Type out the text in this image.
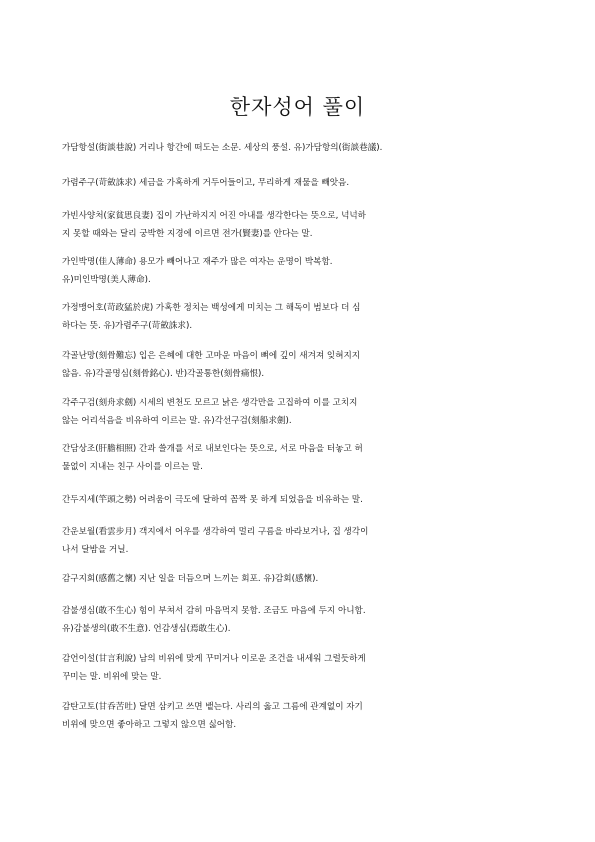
한자성어 풀이

가담항설(街談巷說) 거리나 항간에 떠도는 소문. 세상의 풍설. 유)가담항의(街談巷議).

가렴주구(苛斂誅求) 세금을 가혹하게 거두어들이고, 무리하게 재물을 빼앗음.

가빈사양처(家貧思良妻) 집이 가난하지지 어진 아내를 생각한다는 뜻으로, 넉넉하
지 못할 때와는 달리 궁박한 지경에 이르면 전가(賢妻)를 안다는 말.

가인박명(佳人薄命) 용모가 빼어나고 재주가 많은 여자는 운명이 박복함.
유)미인박명(美人薄命).

가정맹어호(苛政猛於虎) 가혹한 정치는 백성에게 미치는 그 해독이 범보다 더 심
하다는 뜻. 유)가렴주구(苛斂誅求).

각골난망(刻骨難忘) 입은 은혜에 대한 고마운 마음이 뼈에 깊이 새겨져 잊혀지지
않음. 유)각골명심(刻骨銘心). 반)각골통한(刻骨痛恨).

각주구검(刻舟求劍) 시세의 변천도 모르고 낡은 생각만을 고집하여 이를 고치지
않는 어리석음을 비유하여 이르는 말. 유)각선구검(刻船求劍).

간담상조(肝膽相照) 간과 쓸개를 서로 내보인다는 뜻으로, 서로 마음을 터놓고 허
물없이 지내는 친구 사이를 이르는 말.

간두지세(竿頭之勢) 어려움이 극도에 달하여 꼼짝 못 하게 되었음을 비유하는 말.

간운보월(看雲步月) 객지에서 어우를 생각하여 멀리 구름을 바라보거나, 집 생각이
나서 달밤을 거닐.

감구지회(感舊之懷) 지난 일을 더듬으며 느끼는 회포. 유)감회(感懷).

감불생심(敢不生心) 힘이 부쳐서 감히 마음먹지 못함. 조금도 마음에 두지 아니함.
유)감불생의(敢不生意). 언감생심(焉敢生心).

감언이설(甘言利說) 남의 비위에 맞게 꾸미거나 이로운 조건을 내세워 그럴듯하게
꾸미는 말. 비위에 맞는 말.

감탄고토(甘呑苦吐) 달면 삼키고 쓰면 뱉는다. 사리의 옳고 그름에 관계없이 자기
비위에 맞으면 좋아하고 그렇지 않으면 싫어함.
